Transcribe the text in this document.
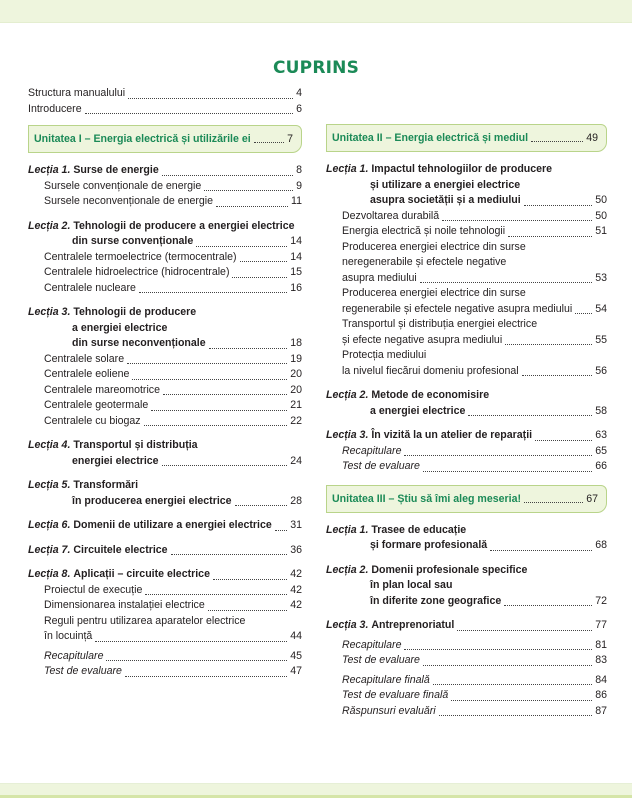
CUPRINS
Structura manualului	4
Introducere	6
Unitatea I – Energia electrică și utilizările ei	7
Lecția 1. Surse de energie	8
Sursele convenționale de energie	9
Sursele neconvenționale de energie	11
Lecția 2. Tehnologii de producere a energiei electrice
din surse convenționale	14
Centralele termoelectrice (termocentrale)	14
Centralele hidroelectrice (hidrocentrale)	15
Centralele nucleare	16
Lecția 3. Tehnologii de producere
a energiei electrice
din surse neconvenționale	18
Centralele solare	19
Centralele eoliene	20
Centralele mareomotrice	20
Centralele geotermale	21
Centralele cu biogaz	22
Lecția 4. Transportul și distribuția
energiei electrice	24
Lecția 5. Transformări
în producerea energiei electrice	28
Lecția 6. Domenii de utilizare a energiei electrice 31
Lecția 7. Circuitele electrice	36
Lecția 8. Aplicații – circuite electrice	42
Proiectul de execuție	42
Dimensionarea instalației electrice	42
Reguli pentru utilizarea aparatelor electrice
în locuință	44
Recapitulare	45
Test de evaluare	47
Unitatea II – Energia electrică și mediul	49
Lecția 1. Impactul tehnologiilor de producere
și utilizare a energiei electrice
asupra societății și a mediului	50
Dezvoltarea durabilă	50
Energia electrică și noile tehnologii	51
Producerea energiei electrice din surse
neregenerabile și efectele negative
asupra mediului	53
Producerea energiei electrice din surse
regenerabile și efectele negative asupra mediului 54
Transportul și distribuția energiei electrice
și efecte negative asupra mediului	55
Protecția mediului
la nivelul fiecărui domeniu profesional	56
Lecția 2. Metode de economisire
a energiei electrice	58
Lecția 3. În vizită la un atelier de reparații	63
Recapitulare	65
Test de evaluare	66
Unitatea III – Știu să îmi aleg meseria!	67
Lecția 1. Trasee de educație
și formare profesională	68
Lecția 2. Domenii profesionale specifice
în plan local sau
în diferite zone geografice	72
Lecția 3. Antreprenoriatul	77
Recapitulare	81
Test de evaluare	83
Recapitulare finală	84
Test de evaluare finală	86
Răspunsuri evaluări	87
